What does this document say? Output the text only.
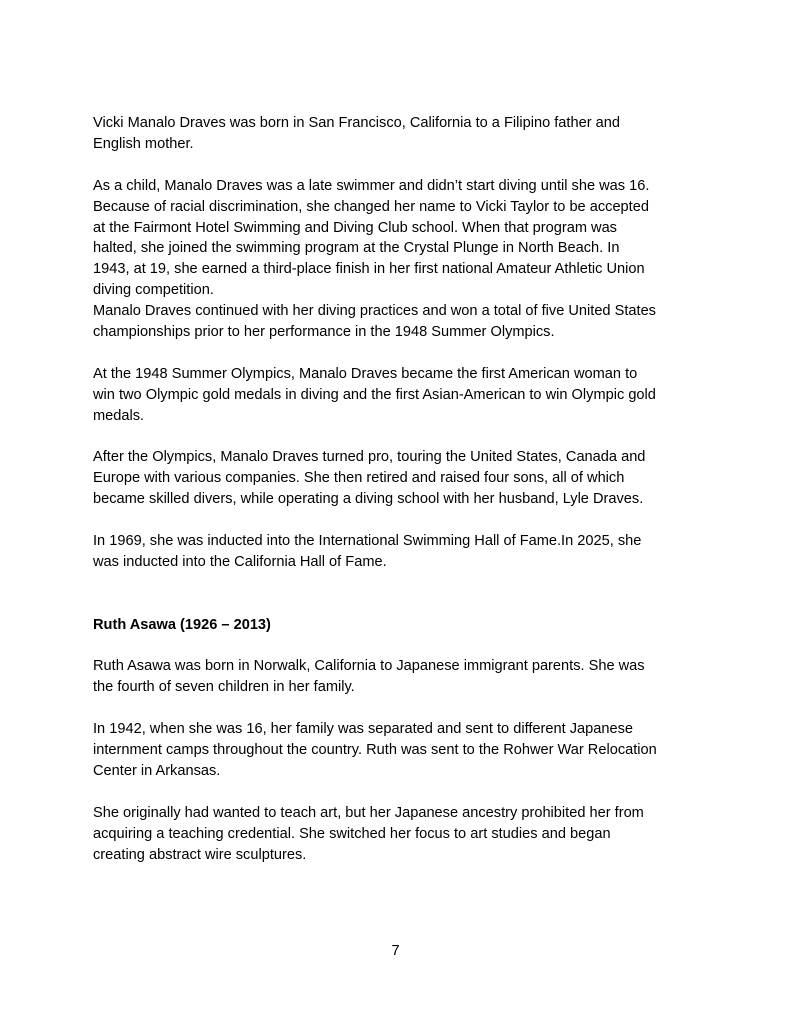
Vicki Manalo Draves was born in San Francisco, California to a Filipino father and
English mother.

As a child, Manalo Draves was a late swimmer and didn’t start diving until she was 16.
Because of racial discrimination, she changed her name to Vicki Taylor to be accepted
at the Fairmont Hotel Swimming and Diving Club school. When that program was
halted, she joined the swimming program at the Crystal Plunge in North Beach. In
1943, at 19, she earned a third-place finish in her first national Amateur Athletic Union
diving competition.

Manalo Draves continued with her diving practices and won a total of five United States
championships prior to her performance in the 1948 Summer Olympics.

At the 1948 Summer Olympics, Manalo Draves became the first American woman to
win two Olympic gold medals in diving and the first Asian-American to win Olympic gold
medals.

After the Olympics, Manalo Draves turned pro, touring the United States, Canada and
Europe with various companies. She then retired and raised four sons, all of which
became skilled divers, while operating a diving school with her husband, Lyle Draves.

In 1969, she was inducted into the International Swimming Hall of Fame.In 2025, she
was inducted into the California Hall of Fame.

Ruth Asawa (1926 – 2013)

Ruth Asawa was born in Norwalk, California to Japanese immigrant parents. She was
the fourth of seven children in her family.

In 1942, when she was 16, her family was separated and sent to different Japanese
internment camps throughout the country. Ruth was sent to the Rohwer War Relocation
Center in Arkansas.

She originally had wanted to teach art, but her Japanese ancestry prohibited her from
acquiring a teaching credential. She switched her focus to art studies and began
creating abstract wire sculptures.

7
